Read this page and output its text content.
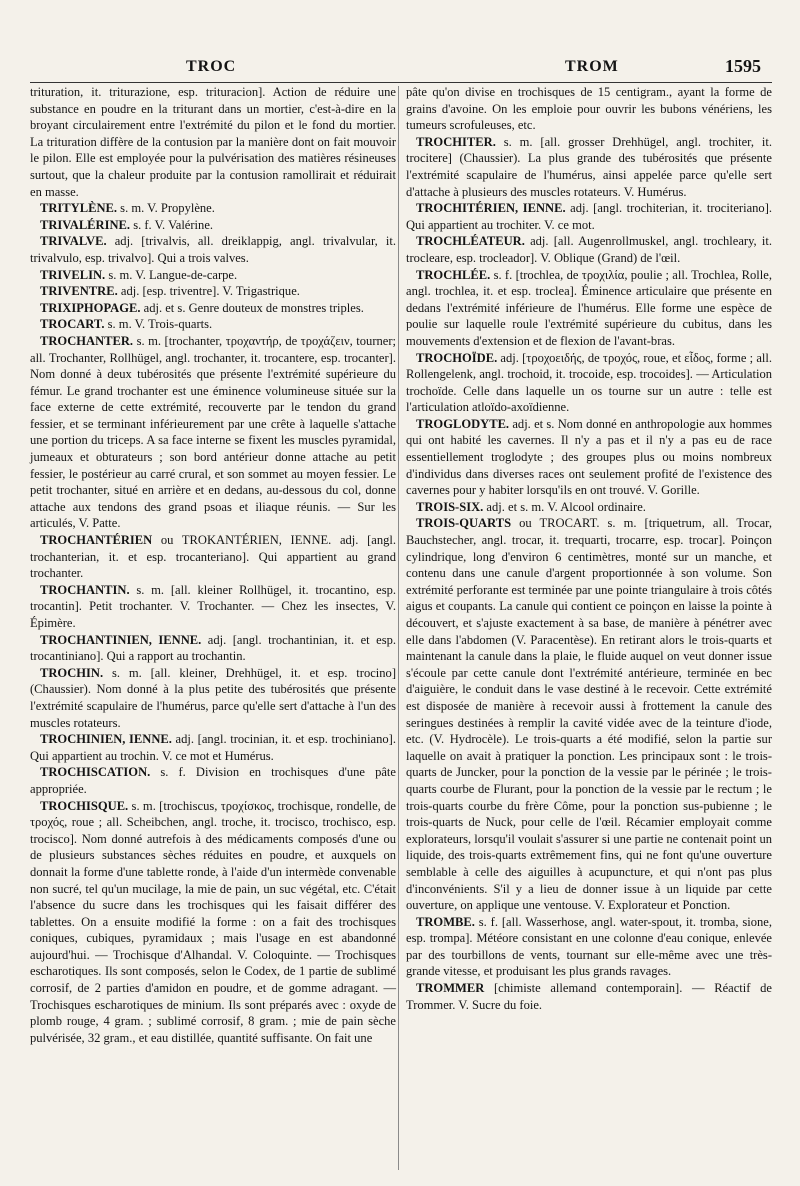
TROC	TROM	1595

trituration, it. triturazione, esp. trituracion]. Action de réduire une substance en poudre en la triturant dans un mortier, c'est-à-dire en la broyant circulairement entre l'extrémité du pilon et le fond du mortier. La trituration diffère de la contusion par la manière dont on fait mouvoir le pilon. Elle est employée pour la pulvérisation des matières résineuses surtout, que la chaleur produite par la contusion ramollirait et réduirait en masse.

TRITYLÈNE. s. m. V. Propylène.

TRIVALÉRINE. s. f. V. Valérine.

TRIVALVE. adj. [trivalvis, all. dreiklappig, angl. trivalvular, it. trivalvulo, esp. trivalvo]. Qui a trois valves.

TRIVELIN. s. m. V. Langue-de-carpe.

TRIVENTRE. adj. [esp. triventre]. V. Trigastrique.

TRIXIPHOPAGE. adj. et s. Genre douteux de monstres triples.

TROCART. s. m. V. Trois-quarts.

TROCHANTER. s. m. [trochanter, τροχαντήρ, de τροχάζειν, tourner; all. Trochanter, Rollhügel, angl. trochanter, it. trocantere, esp. trocanter]. Nom donné à deux tubérosités que présente l'extrémité supérieure du fémur. Le grand trochanter est une éminence volumineuse située sur la face externe de cette extrémité, recouverte par le tendon du grand fessier, et se terminant inférieurement par une crête à laquelle s'attache une portion du triceps. A sa face interne se fixent les muscles pyramidal, jumeaux et obturateurs ; son bord antérieur donne attache au petit fessier, le postérieur au carré crural, et son sommet au moyen fessier. Le petit trochanter, situé en arrière et en dedans, au-dessous du col, donne attache aux tendons des grand psoas et iliaque réunis. — Sur les articulés, V. Patte.

TROCHANTÉRIEN ou TROKANTÉRIEN, IENNE. adj. [angl. trochanterian, it. et esp. trocanteriano]. Qui appartient au grand trochanter.

TROCHANTIN. s. m. [all. kleiner Rollhügel, it. trocantino, esp. trocantin]. Petit trochanter. V. Trochanter. — Chez les insectes, V. Épimère.

TROCHANTINIEN, IENNE. adj. [angl. trochantinian, it. et esp. trocantiniano]. Qui a rapport au trochantin.

TROCHIN. s. m. [all. kleiner, Drehhügel, it. et esp. trocino] (Chaussier). Nom donné à la plus petite des tubérosités que présente l'extrémité scapulaire de l'humérus, parce qu'elle sert d'attache à l'un des muscles rotateurs.

TROCHINIEN, IENNE. adj. [angl. trocinian, it. et esp. trochiniano]. Qui appartient au trochin. V. ce mot et Humérus.

TROCHISCATION. s. f. Division en trochisques d'une pâte appropriée.

TROCHISQUE. s. m. [trochiscus, τροχίσκος, trochisque, rondelle, de τροχός, roue ; all. Scheibchen, angl. troche, it. trocisco, trochisco, esp. trocisco]. Nom donné autrefois à des médicaments composés d'une ou de plusieurs substances sèches réduites en poudre, et auxquels on donnait la forme d'une tablette ronde, à l'aide d'un intermède convenable non sucré, tel qu'un mucilage, la mie de pain, un suc végétal, etc. C'était l'absence du sucre dans les trochisques qui les faisait différer des tablettes. On a ensuite modifié la forme : on a fait des trochisques coniques, cubiques, pyramidaux ; mais l'usage en est abandonné aujourd'hui. — Trochisque d'Alhandal. V. Coloquinte. — Trochisques escharotiques. Ils sont composés, selon le Codex, de 1 partie de sublimé corrosif, de 2 parties d'amidon en poudre, et de gomme adragant. — Trochisques escharotiques de minium. Ils sont préparés avec : oxyde de plomb rouge, 4 gram. ; sublimé corrosif, 8 gram. ; mie de pain sèche pulvérisée, 32 gram., et eau distillée, quantité suffisante. On fait une

pâte qu'on divise en trochisques de 15 centigram., ayant la forme de grains d'avoine. On les emploie pour ouvrir les bubons vénériens, les tumeurs scrofuleuses, etc.

TROCHITER. s. m. [all. grosser Drehhügel, angl. trochiter, it. trocitere] (Chaussier). La plus grande des tubérosités que présente l'extrémité scapulaire de l'humérus, ainsi appelée parce qu'elle sert d'attache à plusieurs des muscles rotateurs. V. Humérus.

TROCHITÉRIEN, IENNE. adj. [angl. trochiterian, it. trociteriano]. Qui appartient au trochiter. V. ce mot.

TROCHLÉATEUR. adj. [all. Augenrollmuskel, angl. trochleary, it. trocleare, esp. trocleador]. V. Oblique (Grand) de l'œil.

TROCHLÉE. s. f. [trochlea, de τροχιλία, poulie ; all. Trochlea, Rolle, angl. trochlea, it. et esp. troclea]. Éminence articulaire que présente en dedans l'extrémité inférieure de l'humérus. Elle forme une espèce de poulie sur laquelle roule l'extrémité supérieure du cubitus, dans les mouvements d'extension et de flexion de l'avant-bras.

TROCHOÏDE. adj. [τροχοειδής, de τροχός, roue, et εἶδος, forme ; all. Rollengelenk, angl. trochoid, it. trocoide, esp. trocoides]. — Articulation trochoïde. Celle dans laquelle un os tourne sur un autre : telle est l'articulation atloïdo-axoïdienne.

TROGLODYTE. adj. et s. Nom donné en anthropologie aux hommes qui ont habité les cavernes. Il n'y a pas et il n'y a pas eu de race essentiellement troglodyte ; des groupes plus ou moins nombreux d'individus dans diverses races ont seulement profité de l'existence des cavernes pour y habiter lorsqu'ils en ont trouvé. V. Gorille.

TROIS-SIX. adj. et s. m. V. Alcool ordinaire.

TROIS-QUARTS ou TROCART. s. m. [triquetrum, all. Trocar, Bauchstecher, angl. trocar, it. trequarti, trocarre, esp. trocar]. Poinçon cylindrique, long d'environ 6 centimètres, monté sur un manche, et contenu dans une canule d'argent proportionnée à son volume. Son extrémité perforante est terminée par une pointe triangulaire à trois côtés aigus et coupants. La canule qui contient ce poinçon en laisse la pointe à découvert, et s'ajuste exactement à sa base, de manière à pénétrer avec elle dans l'abdomen (V. Paracentèse). En retirant alors le trois-quarts et maintenant la canule dans la plaie, le fluide auquel on veut donner issue s'écoule par cette canule dont l'extrémité antérieure, terminée en bec d'aiguière, le conduit dans le vase destiné à le recevoir. Cette extrémité est disposée de manière à recevoir aussi à frottement la canule des seringues destinées à remplir la cavité vidée avec de la teinture d'iode, etc. (V. Hydrocèle). Le trois-quarts a été modifié, selon la partie sur laquelle on avait à pratiquer la ponction. Les principaux sont : le trois-quarts de Juncker, pour la ponction de la vessie par le périnée ; le trois-quarts courbe de Flurant, pour la ponction de la vessie par le rectum ; le trois-quarts courbe du frère Côme, pour la ponction sus-pubienne ; le trois-quarts de Nuck, pour celle de l'œil. Récamier employait comme explorateurs, lorsqu'il voulait s'assurer si une partie ne contenait point un liquide, des trois-quarts extrêmement fins, qui ne font qu'une ouverture semblable à celle des aiguilles à acupuncture, et qui n'ont pas plus d'inconvénients. S'il y a lieu de donner issue à un liquide par cette ouverture, on applique une ventouse. V. Explorateur et Ponction.

TROMBE. s. f. [all. Wasserhose, angl. water-spout, it. tromba, sione, esp. trompa]. Météore consistant en une colonne d'eau conique, enlevée par des tourbillons de vents, tournant sur elle-même avec une très-grande vitesse, et produisant les plus grands ravages.

TROMMER [chimiste allemand contemporain]. — Réactif de Trommer. V. Sucre du foie.
